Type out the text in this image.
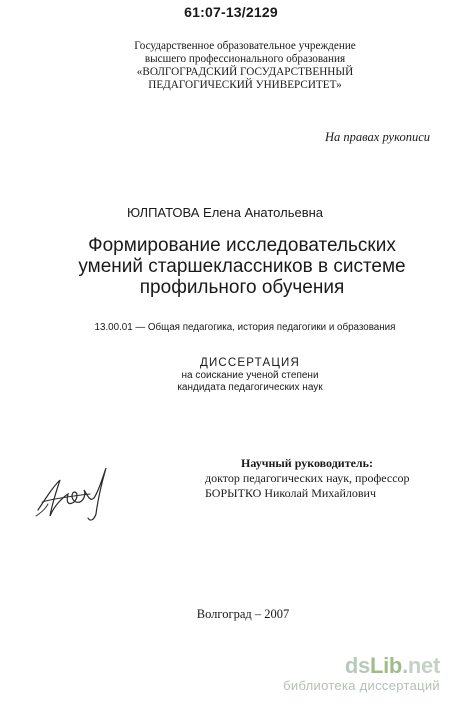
61:07-13/2129
Государственное образовательное учреждение
высшего профессионального образования
«ВОЛГОГРАДСКИЙ ГОСУДАРСТВЕННЫЙ
ПЕДАГОГИЧЕСКИЙ УНИВЕРСИТЕТ»
На правах рукописи
ЮЛПАТОВА Елена Анатольевна
Формирование исследовательских
умений старшеклассников в системе
профильного обучения
13.00.01 — Общая педагогика, история педагогики и образования
ДИССЕРТАЦИЯ
на соискание ученой степени
кандидата педагогических наук
Научный руководитель:
доктор педагогических наук, профессор
БОРЫТКО Николай Михайлович
Волгоград – 2007
dsLib.net
библиотека диссертаций
